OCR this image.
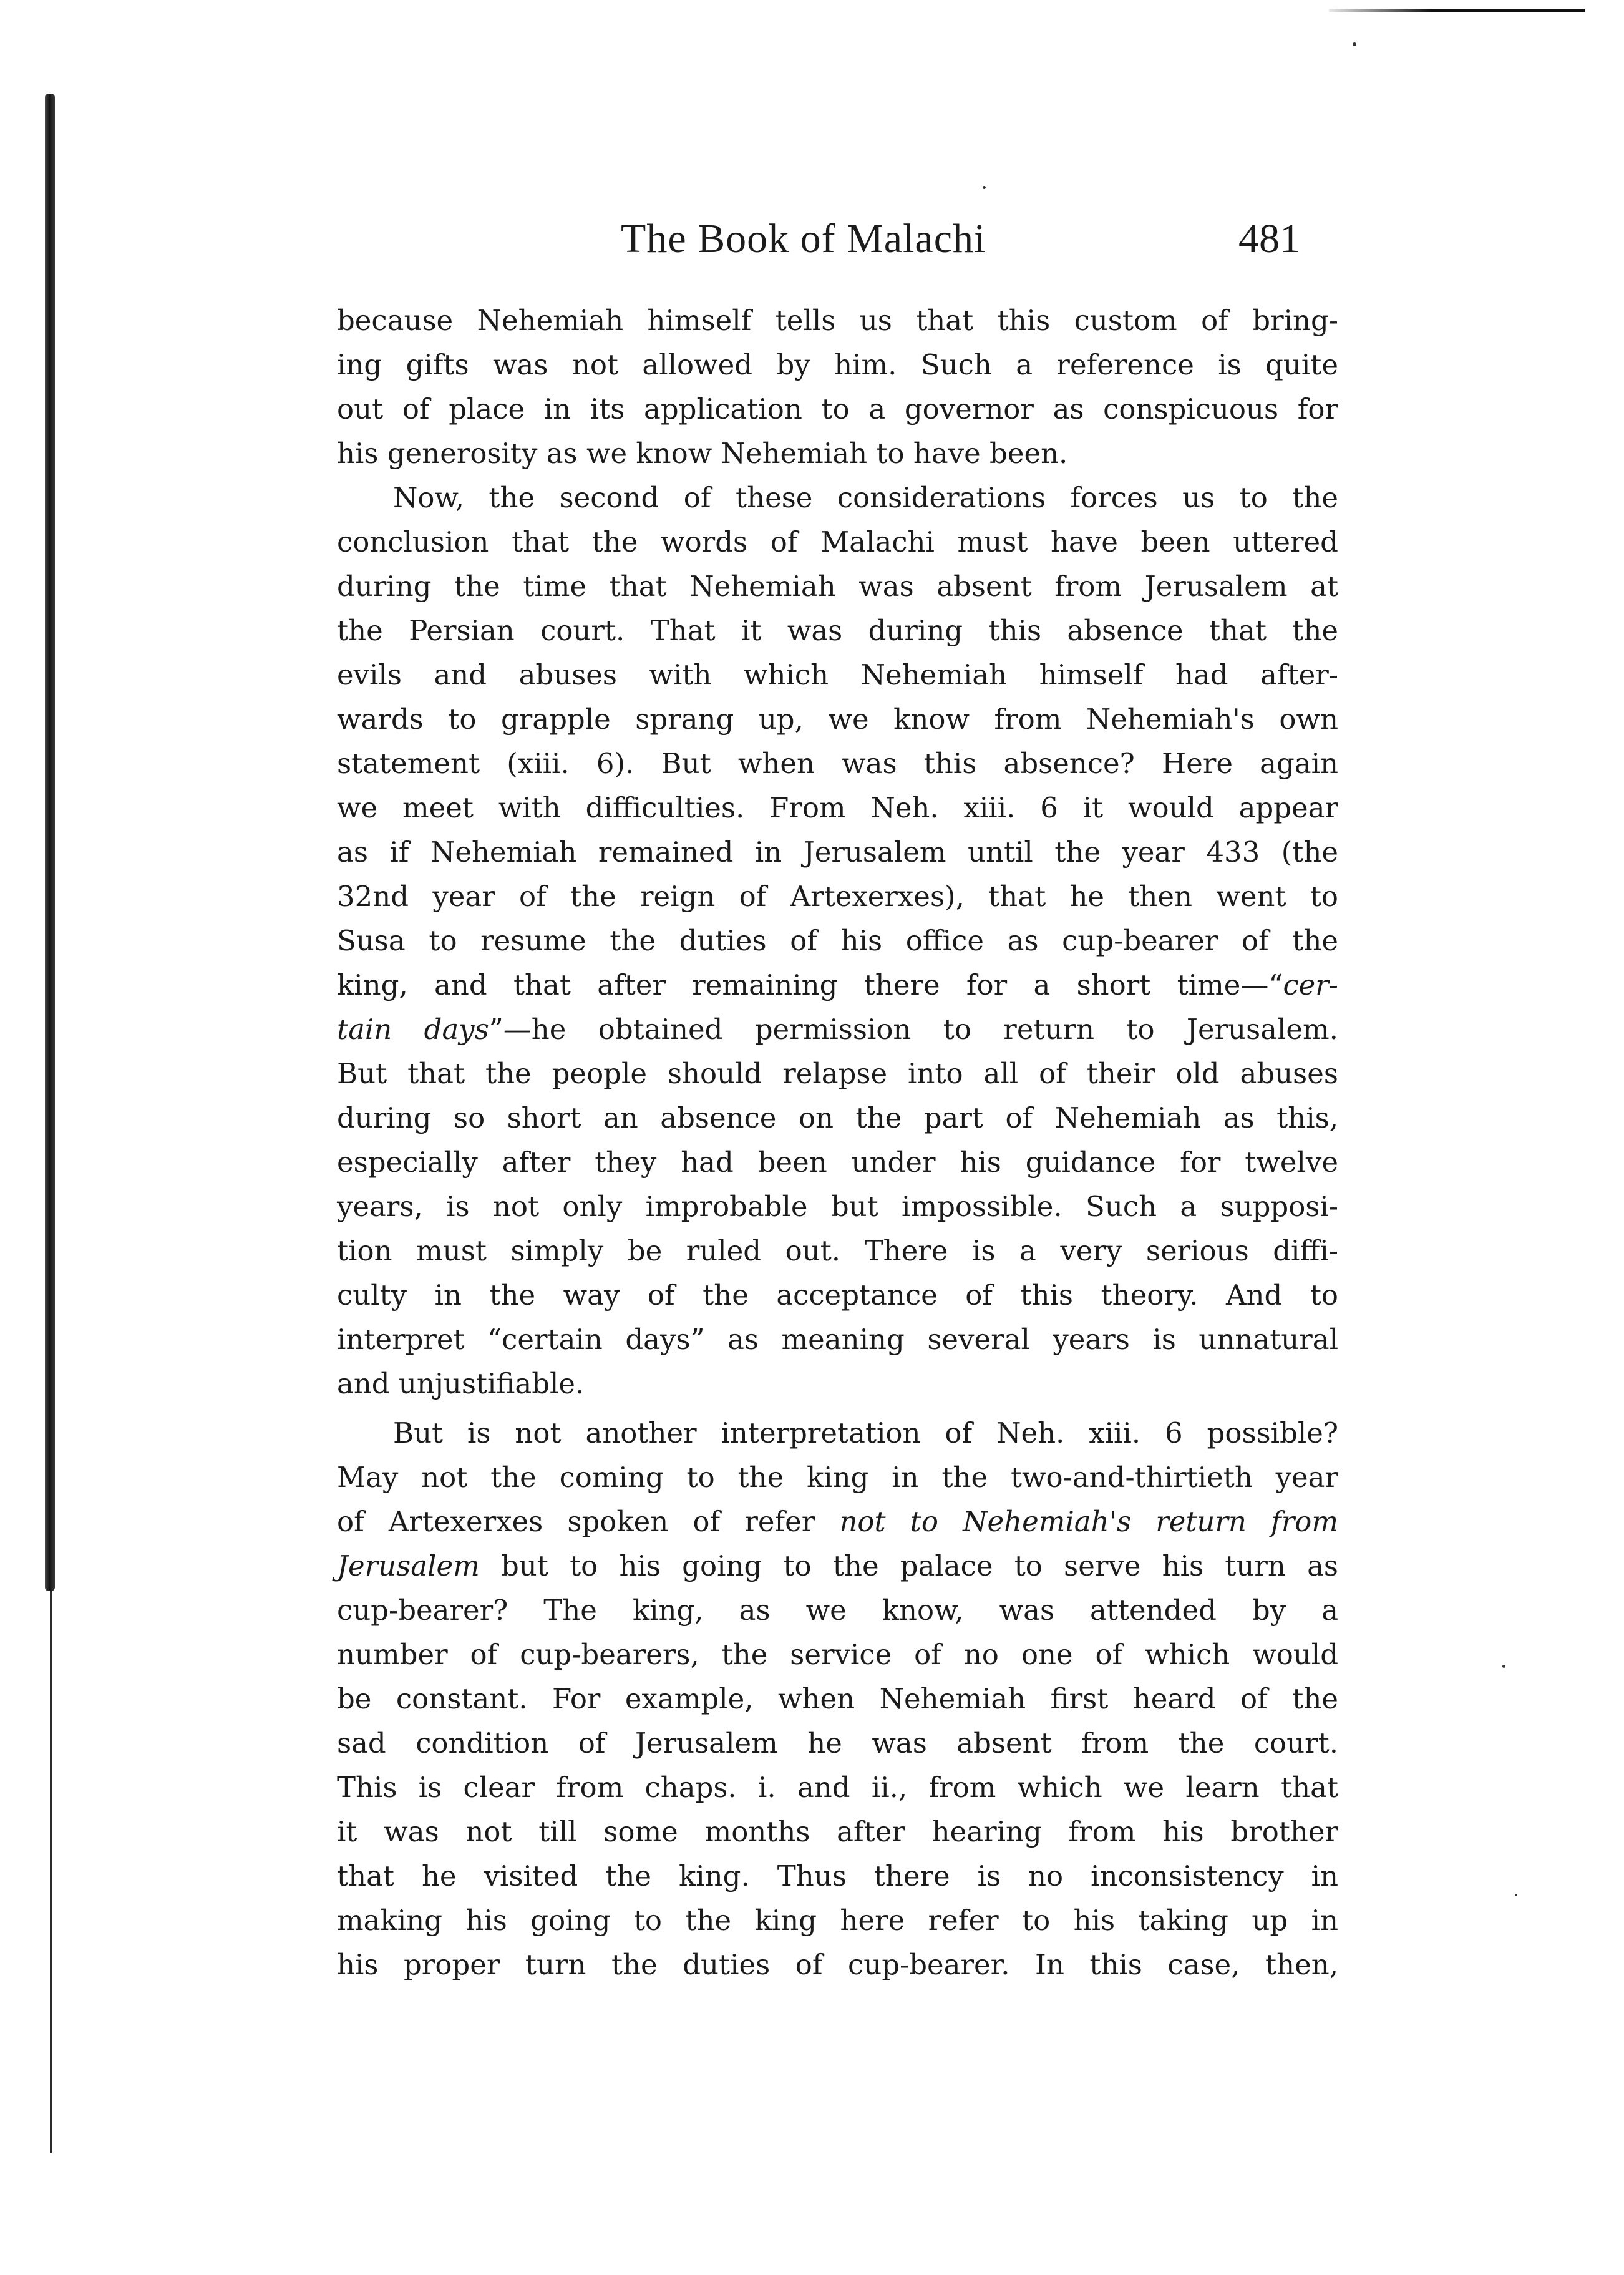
The Book of Malachi	481
because Nehemiah himself tells us that this custom of bring-
ing gifts was not allowed by him. Such a reference is quite
out of place in its application to a governor as conspicuous for
his generosity as we know Nehemiah to have been.
Now, the second of these considerations forces us to the
conclusion that the words of Malachi must have been uttered
during the time that Nehemiah was absent from Jerusalem at
the Persian court. That it was during this absence that the
evils and abuses with which Nehemiah himself had after-
wards to grapple sprang up, we know from Nehemiah's own
statement (xiii. 6). But when was this absence? Here again
we meet with difficulties. From Neh. xiii. 6 it would appear
as if Nehemiah remained in Jerusalem until the year 433 (the
32nd year of the reign of Artexerxes), that he then went to
Susa to resume the duties of his office as cup-bearer of the
king, and that after remaining there for a short time—“cer-
tain days”—he obtained permission to return to Jerusalem.
But that the people should relapse into all of their old abuses
during so short an absence on the part of Nehemiah as this,
especially after they had been under his guidance for twelve
years, is not only improbable but impossible. Such a supposi-
tion must simply be ruled out. There is a very serious diffi-
culty in the way of the acceptance of this theory. And to
interpret “certain days” as meaning several years is unnatural
and unjustifiable.
But is not another interpretation of Neh. xiii. 6 possible?
May not the coming to the king in the two-and-thirtieth year
of Artexerxes spoken of refer not to Nehemiah's return from
Jerusalem but to his going to the palace to serve his turn as
cup-bearer? The king, as we know, was attended by a
number of cup-bearers, the service of no one of which would
be constant. For example, when Nehemiah first heard of the
sad condition of Jerusalem he was absent from the court.
This is clear from chaps. i. and ii., from which we learn that
it was not till some months after hearing from his brother
that he visited the king. Thus there is no inconsistency in
making his going to the king here refer to his taking up in
his proper turn the duties of cup-bearer. In this case, then,
